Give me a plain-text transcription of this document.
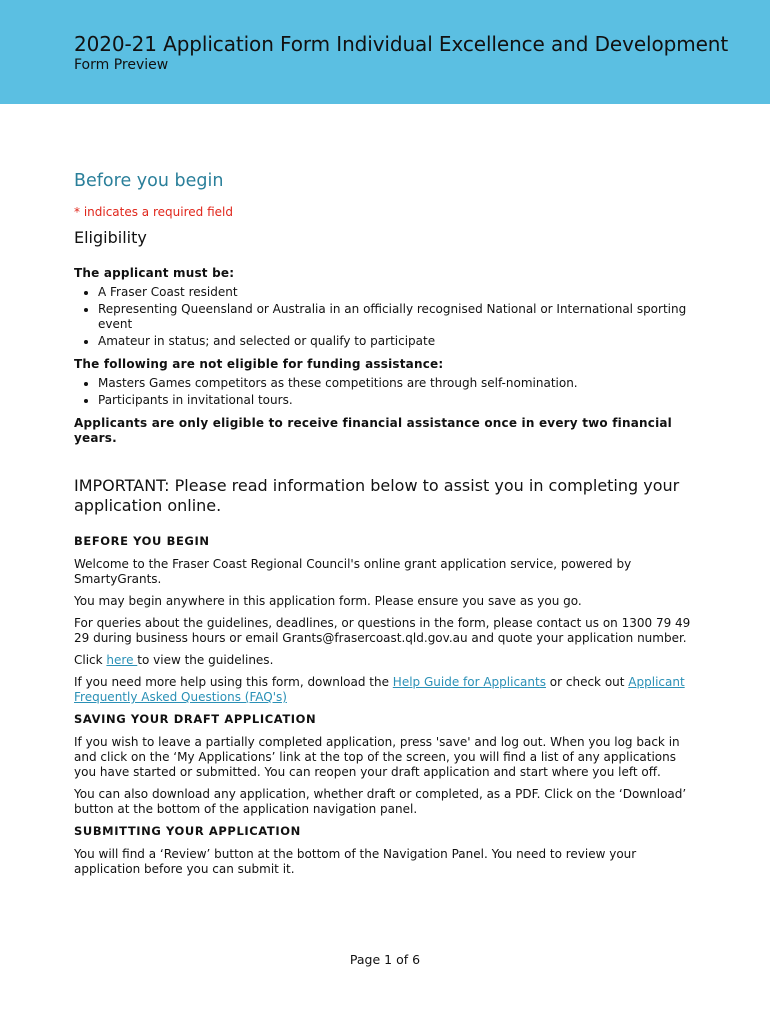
2020-21 Application Form Individual Excellence and Development
Form Preview
Before you begin
* indicates a required field
Eligibility
The applicant must be:
• A Fraser Coast resident
• Representing Queensland or Australia in an officially recognised National or International sporting event
• Amateur in status; and selected or qualify to participate
The following are not eligible for funding assistance:
• Masters Games competitors as these competitions are through self-nomination.
• Participants in invitational tours.
Applicants are only eligible to receive financial assistance once in every two financial years.
IMPORTANT: Please read information below to assist you in completing your application online.
BEFORE YOU BEGIN

Welcome to the Fraser Coast Regional Council's online grant application service, powered by SmartyGrants.

You may begin anywhere in this application form. Please ensure you save as you go.

For queries about the guidelines, deadlines, or questions in the form, please contact us on 1300 79 49 29 during business hours or email Grants@frasercoast.qld.gov.au and quote your application number.

Click here to view the guidelines.

If you need more help using this form, download the Help Guide for Applicants or check out Applicant Frequently Asked Questions (FAQ's)

SAVING YOUR DRAFT APPLICATION

If you wish to leave a partially completed application, press 'save' and log out. When you log back in and click on the ‘My Applications’ link at the top of the screen, you will find a list of any applications you have started or submitted. You can reopen your draft application and start where you left off.

You can also download any application, whether draft or completed, as a PDF. Click on the ‘Download’ button at the bottom of the application navigation panel.

SUBMITTING YOUR APPLICATION

You will find a ‘Review’ button at the bottom of the Navigation Panel. You need to review your application before you can submit it.

Page 1 of 6
